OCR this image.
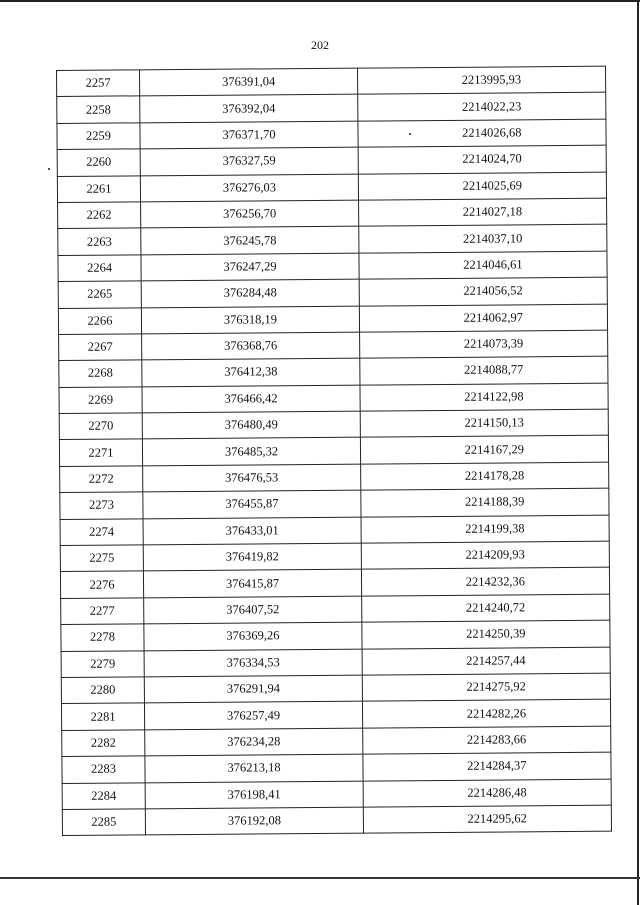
202
2257	376391,04	2213995,93
2258	376392,04	2214022,23
2259	376371,70	2214026,68
2260	376327,59	2214024,70
2261	376276,03	2214025,69
2262	376256,70	2214027,18
2263	376245,78	2214037,10
2264	376247,29	2214046,61
2265	376284,48	2214056,52
2266	376318,19	2214062,97
2267	376368,76	2214073,39
2268	376412,38	2214088,77
2269	376466,42	2214122,98
2270	376480,49	2214150,13
2271	376485,32	2214167,29
2272	376476,53	2214178,28
2273	376455,87	2214188,39
2274	376433,01	2214199,38
2275	376419,82	2214209,93
2276	376415,87	2214232,36
2277	376407,52	2214240,72
2278	376369,26	2214250,39
2279	376334,53	2214257,44
2280	376291,94	2214275,92
2281	376257,49	2214282,26
2282	376234,28	2214283,66
2283	376213,18	2214284,37
2284	376198,41	2214286,48
2285	376192,08	2214295,62
